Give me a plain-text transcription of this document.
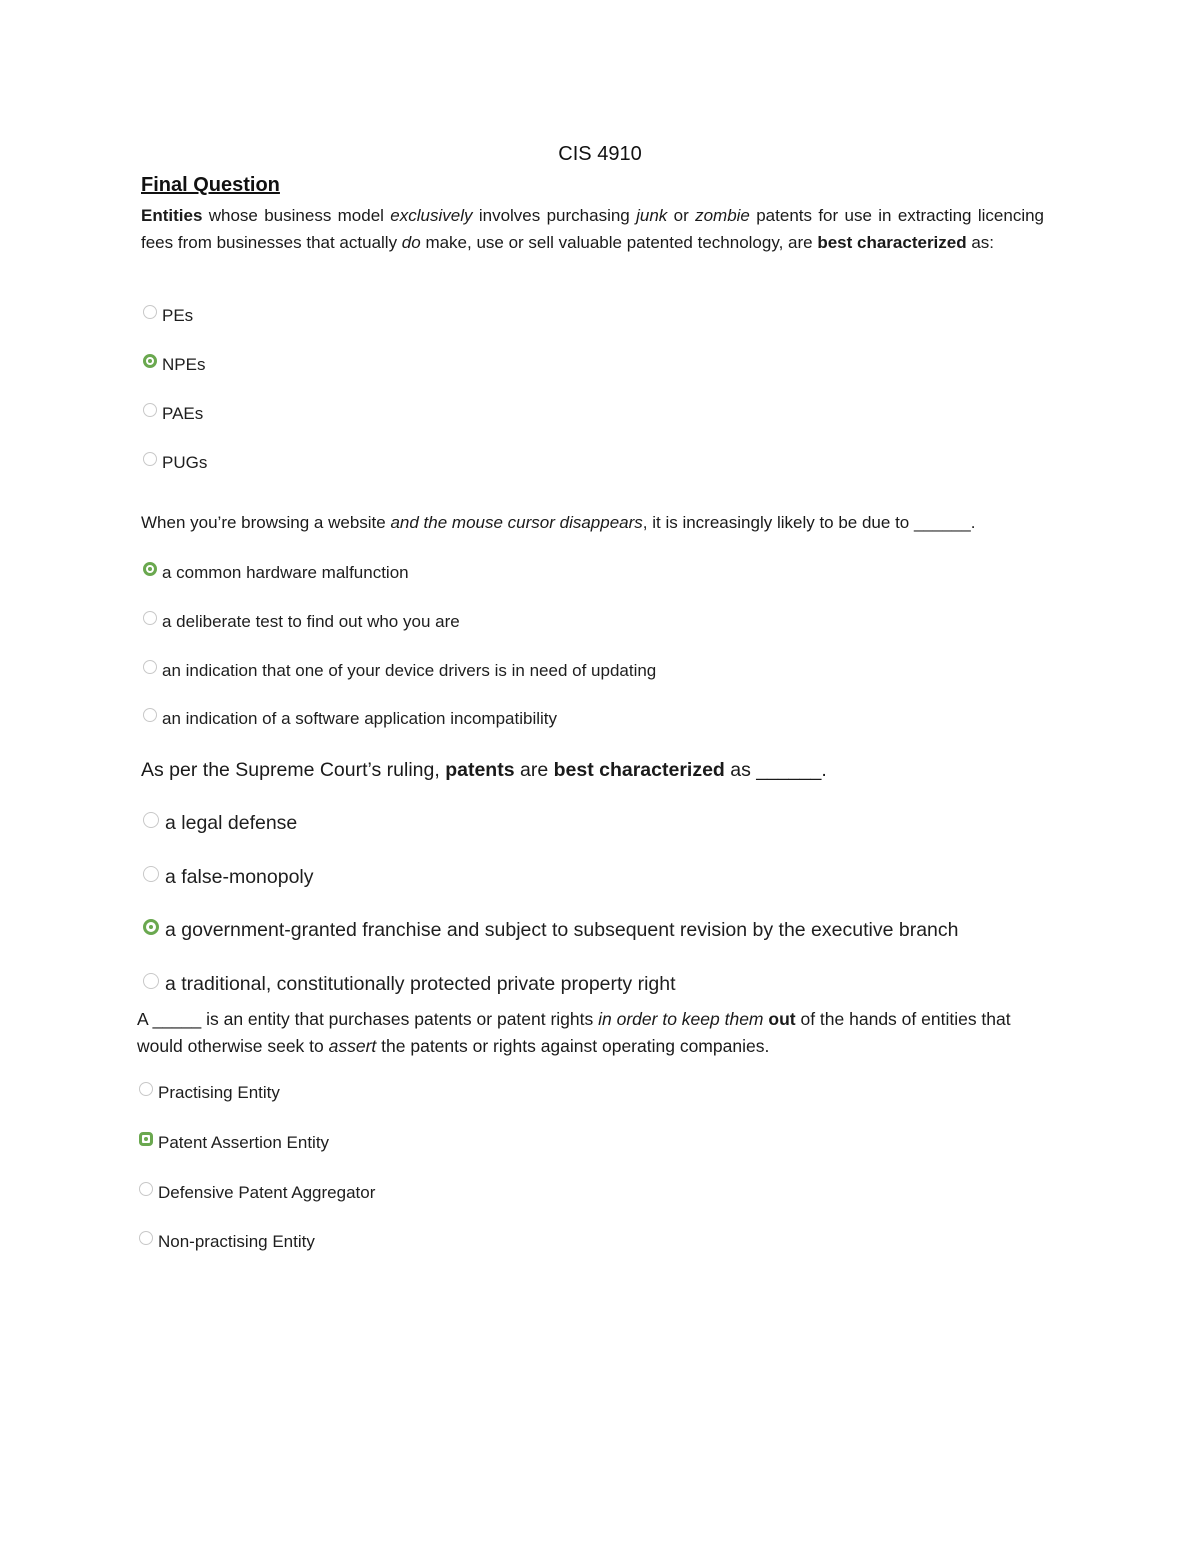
CIS 4910
Final Question
Entities whose business model exclusively involves purchasing junk or zombie patents for use in extracting licencing fees from businesses that actually do make, use or sell valuable patented technology, are best characterized as:
PEs
NPEs
PAEs
PUGs
When you’re browsing a website and the mouse cursor disappears, it is increasingly likely to be due to ______.
a common hardware malfunction
a deliberate test to find out who you are
an indication that one of your device drivers is in need of updating
an indication of a software application incompatibility
As per the Supreme Court’s ruling, patents are best characterized as ______.
a legal defense
a false-monopoly
a government-granted franchise and subject to subsequent revision by the executive branch
a traditional, constitutionally protected private property right
A _____ is an entity that purchases patents or patent rights in order to keep them out of the hands of entities that would otherwise seek to assert the patents or rights against operating companies.
Practising Entity
Patent Assertion Entity
Defensive Patent Aggregator
Non-practising Entity
